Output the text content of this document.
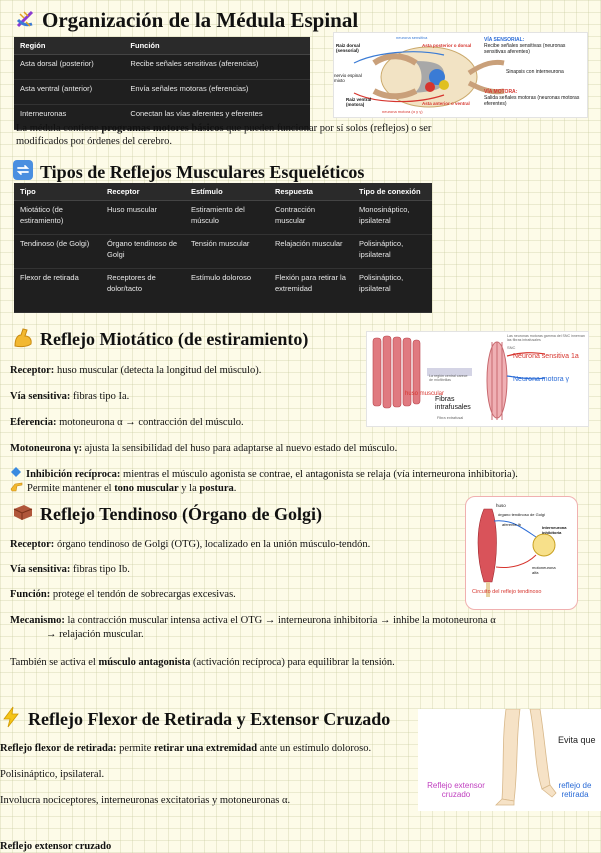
Organización de la Médula Espinal
Región	Función
Asta dorsal (posterior)	Recibe señales sensitivas (aferencias)
Asta ventral (anterior)	Envía señales motoras (eferencias)
Interneuronas	Conectan las vías aferentes y eferentes
Raíz dorsal (sensorial)
nervio espinal mixto
Raíz ventral (motora)
neurona sensitiva
Asta posterior o dorsal
Asta anterior o ventral
neurona motora (α y γ)
VÍA SENSORIAL:
Recibe señales sensitivas (neuronas sensitivas aferentes)
Sinapsis con interneurona
VÍA MOTORA:
Salida señales motoras (neuronas motoras eferentes)

La médula contiene programas motores básicos que pueden funcionar por sí solos (reflejos) o ser

modificados por órdenes del cerebro.

Tipos de Reflejos Musculares Esqueléticos
Tipo	Receptor	Estímulo	Respuesta	Tipo de conexión
Miotático (de estiramiento)	Huso muscular	Estiramiento del músculo	Contracción muscular	Monosináptico, ipsilateral
Tendinoso (de Golgi)	Órgano tendinoso de Golgi	Tensión muscular	Relajación muscular	Polisináptico, ipsilateral
Flexor de retirada	Receptores de dolor/tacto	Estímulo doloroso	Flexión para retirar la extremidad	Polisináptico, ipsilateral
Reflejo Miotático (de estiramiento)	Las neuronas motoras gamma del SNC innervan las fibras intrafusales
La región central carece de miofibrillas
huso muscular
Fibras intrafusales
Fibra extrafusal
SNC
Neurona sensitiva 1a
Neurona motora γ

Receptor: huso muscular (detecta la longitud del músculo).

Vía sensitiva: fibras tipo Ia.

Eferencia: motoneurona α → contracción del músculo.

Motoneurona γ: ajusta la sensibilidad del huso para adaptarse al nuevo estado del músculo.

Inhibición recíproca: mientras el músculo agonista se contrae, el antagonista se relaja (vía interneurona inhibitoria).

Permite mantener el tono muscular y la postura.

Reflejo Tendinoso (Órgano de Golgi)	huso
órgano tendinoso de Golgi
aferente Ib
Interneurona inhibitoria
motoneurona alfa
Circuito del reflejo tendinoso

Receptor: órgano tendinoso de Golgi (OTG), localizado en la unión músculo-tendón.

Vía sensitiva: fibras tipo Ib.

Función: protege el tendón de sobrecargas excesivas.

Mecanismo: la contracción muscular intensa activa el OTG → interneurona inhibitoria → inhibe la motoneurona α

→ relajación muscular.

También se activa el músculo antagonista (activación recíproca) para equilibrar la tensión.

Reflejo Flexor de Retirada y Extensor Cruzado
Evita que
Reflejo extensor cruzado
reflejo de retirada

Reflejo flexor de retirada: permite retirar una extremidad ante un estímulo doloroso.

Polisináptico, ipsilateral.

Involucra nociceptores, interneuronas excitatorias y motoneuronas α.

Reflejo extensor cruzado
